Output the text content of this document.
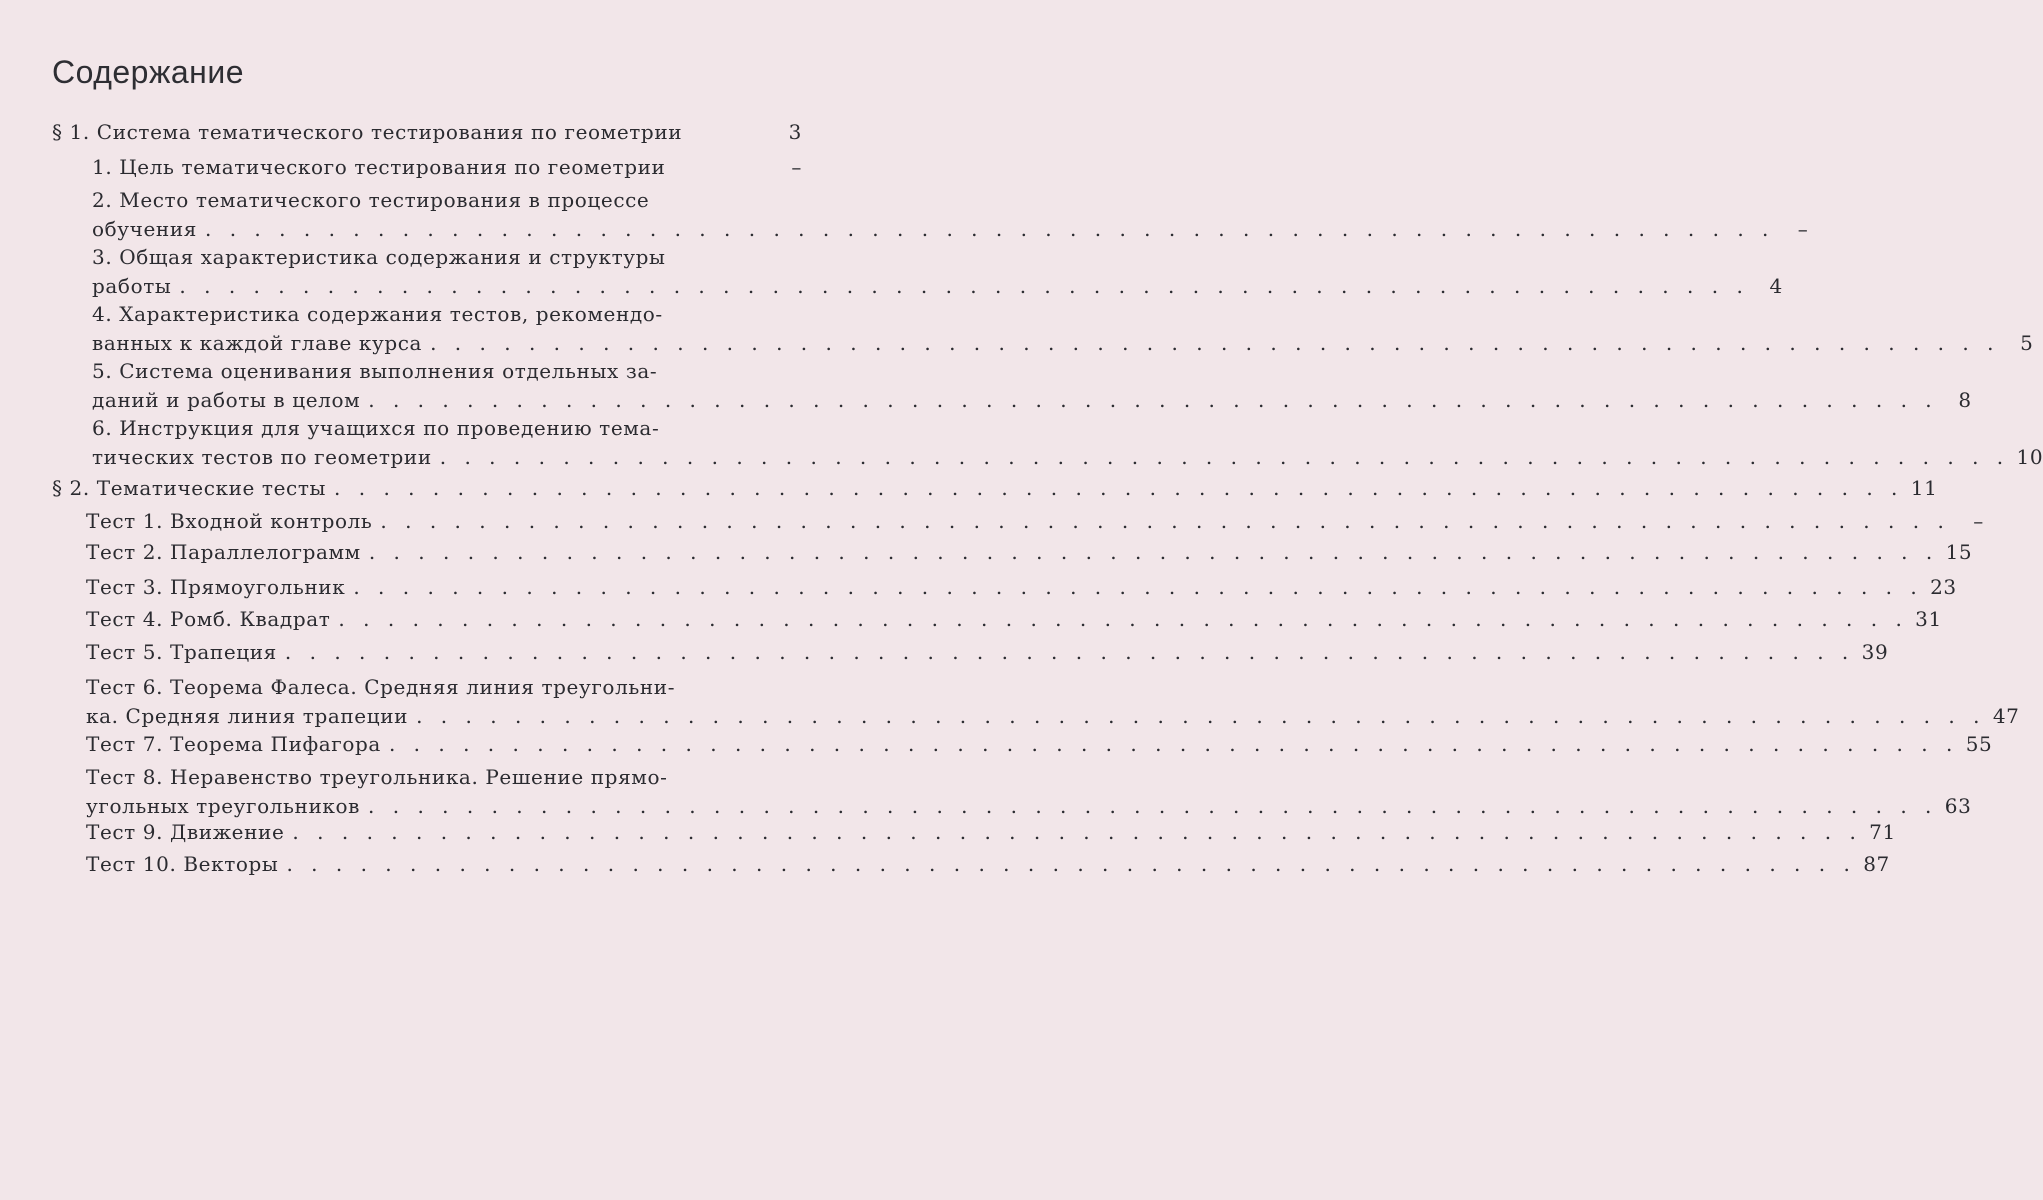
Содержание
§ 1. Система тематического тестирования по геометрии	3
1. Цель тематического тестирования по геометрии	–
2. Место тематического тестирования в процессе
обучения . . . . . . . . . . . . . . . . . . . . . . . . . . . . . . . . . . . . . . . . . . . . . . . . . . . . . . . . . . . . . . . .	–
3. Общая характеристика содержания и структуры
работы . . . . . . . . . . . . . . . . . . . . . . . . . . . . . . . . . . . . . . . . . . . . . . . . . . . . . . . . . . . . . . . .	4
4. Характеристика содержания тестов, рекомендо-
ванных к каждой главе курса . . . . . . . . . . . . . . . . . . . . . . . . . . . . . . . . . . . . . . . . . . . . . . . . . . . . . . . . . . . . . . . .	5
5. Система оценивания выполнения отдельных за-
даний и работы в целом . . . . . . . . . . . . . . . . . . . . . . . . . . . . . . . . . . . . . . . . . . . . . . . . . . . . . . . . . . . . . . . .	8
6. Инструкция для учащихся по проведению тема-
тических тестов по геометрии . . . . . . . . . . . . . . . . . . . . . . . . . . . . . . . . . . . . . . . . . . . . . . . . . . . . . . . . . . . . . . . . 10
§ 2. Тематические тесты . . . . . . . . . . . . . . . . . . . . . . . . . . . . . . . . . . . . . . . . . . . . . . . . . . . . . . . . . . . . . . . . 11
Тест 1. Входной контроль . . . . . . . . . . . . . . . . . . . . . . . . . . . . . . . . . . . . . . . . . . . . . . . . . . . . . . . . . . . . . . . .	–
Тест 2. Параллелограмм . . . . . . . . . . . . . . . . . . . . . . . . . . . . . . . . . . . . . . . . . . . . . . . . . . . . . . . . . . . . . . . . 15
Тест 3. Прямоугольник . . . . . . . . . . . . . . . . . . . . . . . . . . . . . . . . . . . . . . . . . . . . . . . . . . . . . . . . . . . . . . . . 23
Тест 4. Ромб. Квадрат . . . . . . . . . . . . . . . . . . . . . . . . . . . . . . . . . . . . . . . . . . . . . . . . . . . . . . . . . . . . . . . . 31
Тест 5. Трапеция . . . . . . . . . . . . . . . . . . . . . . . . . . . . . . . . . . . . . . . . . . . . . . . . . . . . . . . . . . . . . . . . 39
Тест 6. Теорема Фалеса. Средняя линия треугольни-
ка. Средняя линия трапеции . . . . . . . . . . . . . . . . . . . . . . . . . . . . . . . . . . . . . . . . . . . . . . . . . . . . . . . . . . . . . . . . 47
Тест 7. Теорема Пифагора . . . . . . . . . . . . . . . . . . . . . . . . . . . . . . . . . . . . . . . . . . . . . . . . . . . . . . . . . . . . . . . . 55
Тест 8. Неравенство треугольника. Решение прямо-
угольных треугольников . . . . . . . . . . . . . . . . . . . . . . . . . . . . . . . . . . . . . . . . . . . . . . . . . . . . . . . . . . . . . . . . 63
Тест 9. Движение . . . . . . . . . . . . . . . . . . . . . . . . . . . . . . . . . . . . . . . . . . . . . . . . . . . . . . . . . . . . . . . . 71
Тест 10. Векторы . . . . . . . . . . . . . . . . . . . . . . . . . . . . . . . . . . . . . . . . . . . . . . . . . . . . . . . . . . . . . . . . 87
